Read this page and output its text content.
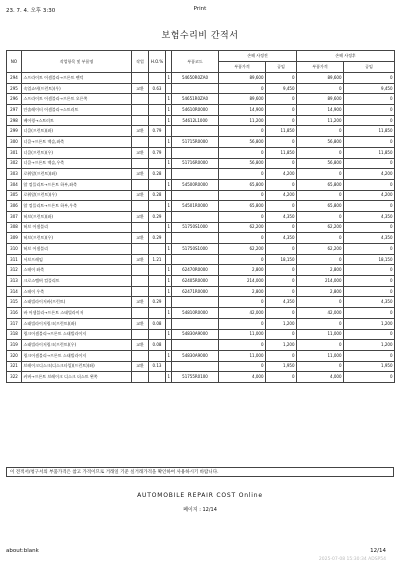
23. 7. 4. 오후 3:30	Print
보험수리비 간적서
NO	작업항목 및 부품명	작업	H.O.%		부품코드	손해 사정전		손해 사정후	
						부품가격	공임	부품가격	공임
294	스프라이트 어셈블리→프론트 펜덕			1	54650R0ZA0	89,600	0	89,600	0
295	속업쇼버(프런트)(우)	교환	0.63			0	9,450	0	9,450
296	스프라이트 어셈블리→프론트 오른쪽			1	54651R0ZA0	89,600	0	89,600	0
297	안솔레이터 어셈블리→스트러트			1	54610R0000	14,900	0	14,900	0
298	베어링→스트러트			1	54612L1000	11,200	0	11,200	0
299	너클(프런트)(좌)	교환	0.79			0	11,850	0	11,850
300	너클→프론트 액슬,좌측			1	51715R0000	56,800	0	56,800	0
301	너클(프런트)(우)	교환	0.79			0	11,850	0	11,850
302	너클→프론트 액슬,우측			1	51716R0000	56,800	0	56,800	0
303	로워암(프런트)(좌)	교환	0.28			0	4,200	0	4,200
304	암 컴플리트→프론트 하부,좌측			1	54500R0000	65,800	0	65,800	0
305	로워암(프런트)(우)	교환	0.28			0	4,200	0	4,200
306	암 컴플리트→프론트 하부,우측			1	54501R0000	65,800	0	65,800	0
307	허브(프런트)(좌)	교환	0.29			0	4,350	0	4,350
308	허브 어셈블리			1	51750S1000	62,200	0	62,200	0
309	허브(프런트)(우)	교환	0.29			0	4,350	0	4,350
310	허브 어셈블리			1	51750S1000	62,200	0	62,200	0
311	서브프레임	교환	1.21			0	18,150	0	18,150
312	스테이 좌측			1	62470R0000	2,800	0	2,800	0
313	크로스멤버 컴플리트			1	62405R0000	214,000	0	214,000	0
314	스테이 우측			1	62471R0000	2,800	0	2,800	0
315	스태빌라이저바(프런트)	교환	0.29			0	4,350	0	4,350
316	바 어셈블리→프론트 스태빌라이저			1	54810R0000	42,000	0	42,000	0
317	스태빌라이저링크(프런트)(좌)	교환	0.08			0	1,200	0	1,200
318	링크어셈블리→프론트 스태빌라이저			1	54830A9000	11,000	0	11,000	0
319	스태빌라이저링크(프런트)(우)	교환	0.08			0	1,200	0	1,200
320	링크어셈블리→프론트 스태빌라이저			1	54830A9000	11,000	0	11,000	0
321	브레이크디스크(디스크타입)(프런트)(좌)	교환	0.13			0	1,950	0	1,950
322	커버→프론트 브레이크 디스크 더스트 왼쪽			1	51755R0100	4,000	0	4,000	0
이 견적서/청구서의 부품가격은 참고 가격이므로 거래일 기준 실거래가격을 확인하여 사용하시기 바랍니다.
AUTOMOBILE REPAIR COST Online
페이지 : 12/14
about:blank	12/14
2025-07-08 15:30:34 ADSP54
